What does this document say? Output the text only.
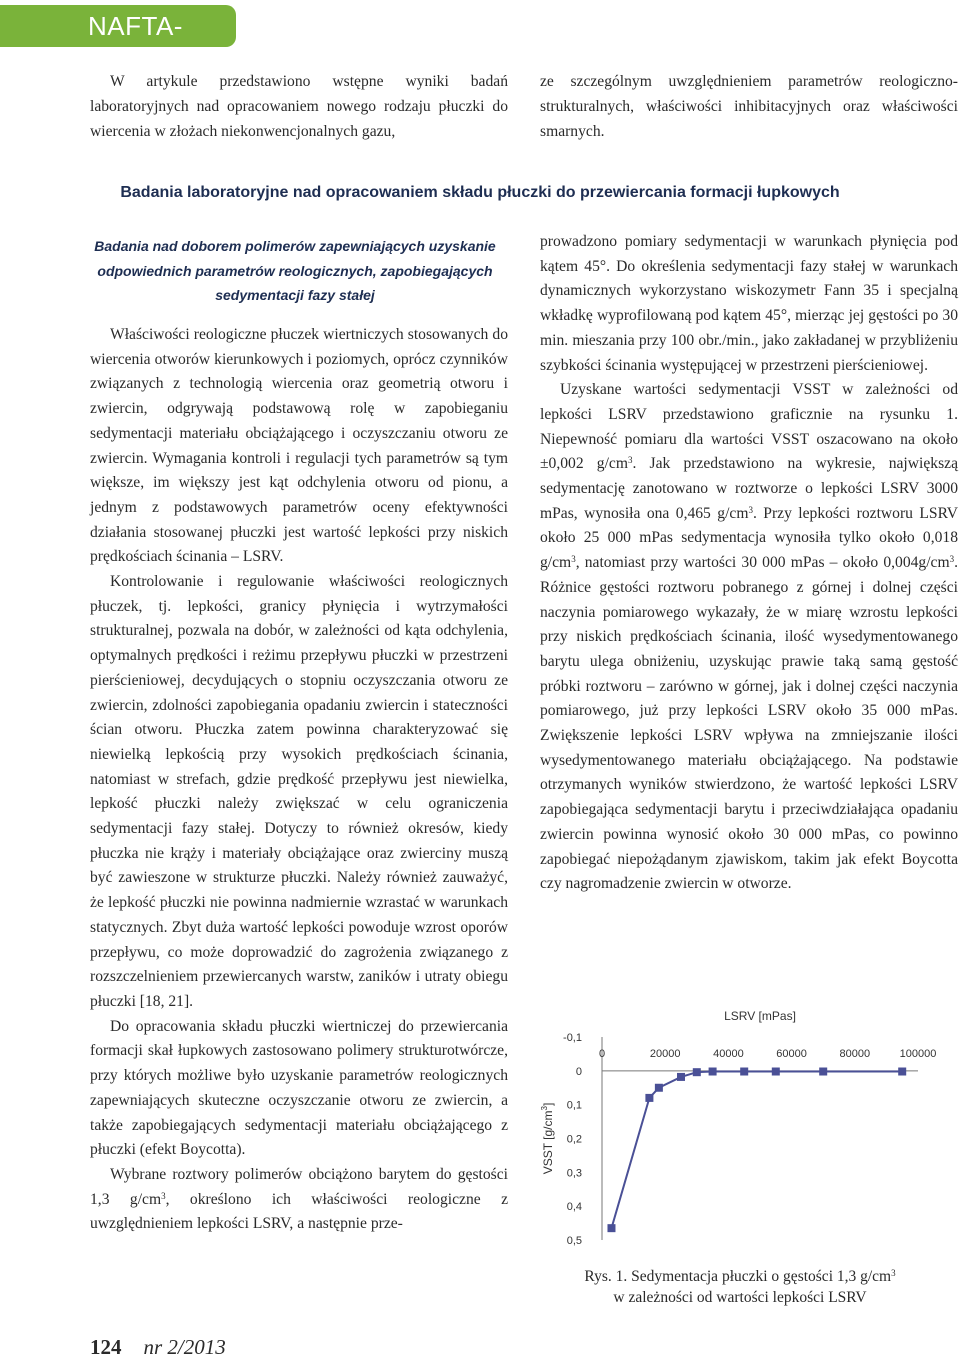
NAFTA-GAZ

W artykule przedstawiono wstępne wyniki badań laboratoryjnych nad opracowaniem nowego rodzaju płuczki do wiercenia w złożach niekonwencjonalnych gazu,

ze szczególnym uwzględnieniem parametrów reologiczno-strukturalnych, właściwości inhibitacyjnych oraz właściwości smarnych.

Badania laboratoryjne nad opracowaniem składu płuczki do przewiercania formacji łupkowych
Badania nad doborem polimerów zapewniających uzyskanie odpowiednich parametrów reologicznych, zapobiegających sedymentacji fazy stałej

Właściwości reologiczne płuczek wiertniczych stosowanych do wiercenia otworów kierunkowych i poziomych, oprócz czynników związanych z technologią wiercenia oraz geometrią otworu i zwiercin, odgrywają podstawową rolę w zapobieganiu sedymentacji materiału obciążającego i oczyszczaniu otworu ze zwiercin. Wymagania kontroli i regulacji tych parametrów są tym większe, im większy jest kąt odchylenia otworu od pionu, a jednym z podstawowych parametrów oceny efektywności działania stosowanej płuczki jest wartość lepkości przy niskich prędkościach ścinania – LSRV.

Kontrolowanie i regulowanie właściwości reologicznych płuczek, tj. lepkości, granicy płynięcia i wytrzymałości strukturalnej, pozwala na dobór, w zależności od kąta odchylenia, optymalnych prędkości i reżimu przepływu płuczki w przestrzeni pierścieniowej, decydujących o stopniu oczyszczania otworu ze zwiercin, zdolności zapobiegania opadaniu zwiercin i stateczności ścian otworu. Płuczka zatem powinna charakteryzować się niewielką lepkością przy wysokich prędkościach ścinania, natomiast w strefach, gdzie prędkość przepływu jest niewielka, lepkość płuczki należy zwiększać w celu ograniczenia sedymentacji fazy stałej. Dotyczy to również okresów, kiedy płuczka nie krąży i materiały obciążające oraz zwierciny muszą być zawieszone w strukturze płuczki. Należy również zauważyć, że lepkość płuczki nie powinna nadmiernie wzrastać w warunkach statycznych. Zbyt duża wartość lepkości powoduje wzrost oporów przepływu, co może doprowadzić do zagrożenia związanego z rozszczelnieniem przewiercanych warstw, zaników i utraty obiegu płuczki [18, 21].

Do opracowania składu płuczki wiertniczej do przewiercania formacji skał łupkowych zastosowano polimery strukturotwórcze, przy których możliwe było uzyskanie parametrów reologicznych zapewniających skuteczne oczyszczanie otworu ze zwiercin, a także zapobiegających sedymentacji materiału obciążającego z płuczki (efekt Boycotta).

Wybrane roztwory polimerów obciążono barytem do gęstości 1,3 $g/cm^3$, określono ich właściwości reologiczne z uwzględnieniem lepkości LSRV, a następnie prze-

prowadzono pomiary sedymentacji w warunkach płynięcia pod kątem 45°. Do określenia sedymentacji fazy stałej w warunkach dynamicznych wykorzystano wiskozymetr Fann 35 i specjalną wkładkę wyprofilowaną pod kątem 45°, mierząc jej gęstości po 30 min. mieszania przy 100 obr./min., jako zakładanej w przybliżeniu szybkości ścinania występującej w przestrzeni pierścieniowej.

Uzyskane wartości sedymentacji VSST w zależności od lepkości LSRV przedstawiono graficznie na rysunku 1. Niepewność pomiaru dla wartości VSST oszacowano na około ±0,002 $g/cm^3$. Jak przedstawiono na wykresie, największą sedymentację zanotowano w roztworze o lepkości LSRV 3000 mPas, wynosiła ona 0,465 $g/cm^3$. Przy lepkości roztworu LSRV około 25 000 mPas sedymentacja wynosiła tylko około 0,018 $g/cm^3$, natomiast przy wartości 30 000 mPas – około $0,004g/cm^3$. Różnice gęstości roztworu pobranego z górnej i dolnej części naczynia pomiarowego wykazały, że w miarę wzrostu lepkości przy niskich prędkościach ścinania, ilość wysedymentowanego barytu ulega obniżeniu, uzyskując prawie taką samą gęstość próbki roztworu – zarówno w górnej, jak i dolnej części naczynia pomiarowego, już przy lepkości LSRV około 35 000 mPas. Zwiększenie lepkości LSRV wpływa na zmniejszanie ilości wysedymentowanego materiału obciążającego. Na podstawie otrzymanych wyników stwierdzono, że wartość lepkości LSRV zapobiegająca sedymentacji barytu i przeciwdziałająca opadaniu zwiercin powinna wynosić około 30 000 mPas, co powinno zapobiegać niepożądanym zjawiskom, takim jak efekt Boycotta czy nagromadzenie zwiercin w otworze.

LSRV [mPas]
0	20000	40000	60000	80000	100000
-0,1
0
0,1
0,2
0,3
0,4
0,5
VSST $[g/cm^3]$
Rys. 1. Sedymentacja płuczki o gęstości 1,3 $g/cm^3$
w zależności od wartości lepkości LSRV
124 nr 2/2013
